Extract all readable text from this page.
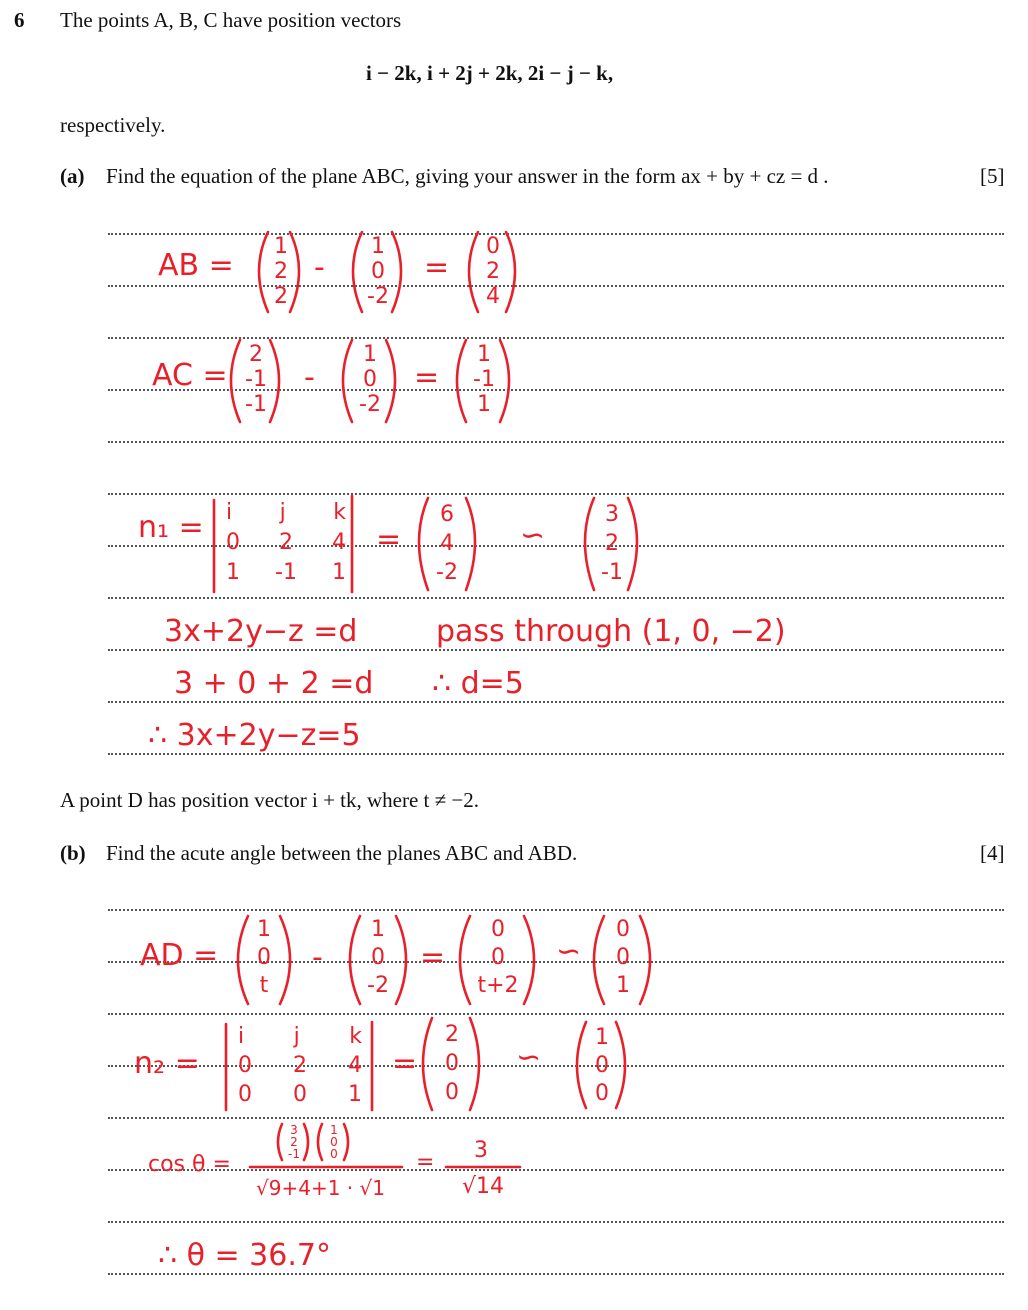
6 The points A, B, C have position vectors
i − 2k, i + 2j + 2k, 2i − j − k,
respectively.
(a) Find the equation of the plane ABC, giving your answer in the form ax + by + cz = d .	[5]
A point D has position vector i + tk, where t ≠ −2.
(b) Find the acute angle between the planes ABC and ABD.	[4]
AB =
1
2
2
-
1
0
-2
=
0
2
4
AC =
2
-1
-1
-
1
0
-2
=
1
-1
1
n₁ = i j k
0 2 4
1 -1 1
=
6
4
-2
∽
3
2
-1
3x+2y−z =d	pass through (1, 0, −2)
3 + 0 + 2 =d ∴ d=5
∴ 3x+2y−z=5
AD =
1
0
t
-
1
0
-2
=
0
0
t+2
∽
0
0
1
n₂ =
i j k
0 2 4
0 0 1
=
2
0
0
∽
1
0
0
cos θ =
3
2
-1
1
0
0
√9+4+1 · √1
= 3
√14
∴ θ = 36.7°
